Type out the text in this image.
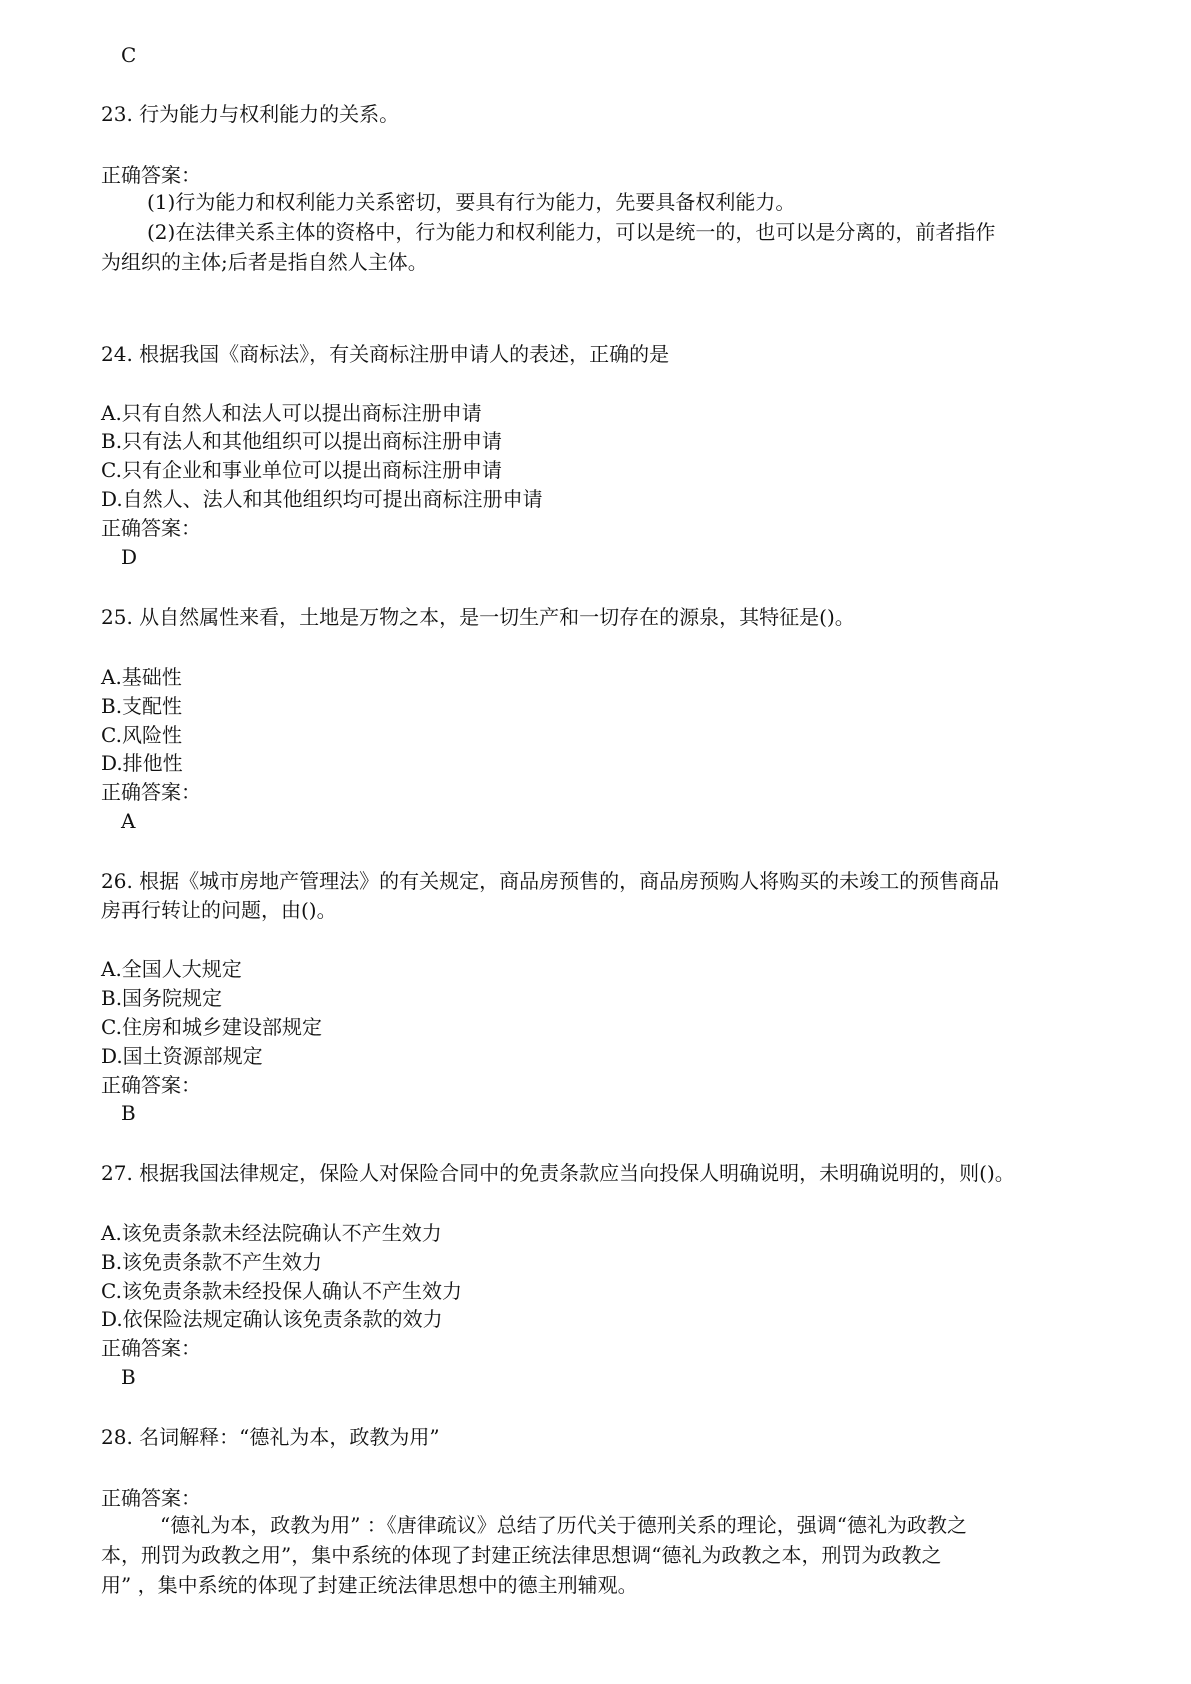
C

23. 行为能力与权利能力的关系。

正确答案：

(1)行为能力和权利能力关系密切，要具有行为能力，先要具备权利能力。

(2)在法律关系主体的资格中，行为能力和权利能力，可以是统一的，也可以是分离的，前者指作

为组织的主体;后者是指自然人主体。

24. 根据我国《商标法》，有关商标注册申请人的表述，正确的是

A.只有自然人和法人可以提出商标注册申请

B.只有法人和其他组织可以提出商标注册申请

C.只有企业和事业单位可以提出商标注册申请

D.自然人、法人和其他组织均可提出商标注册申请

正确答案：

D

25. 从自然属性来看，土地是万物之本，是一切生产和一切存在的源泉，其特征是()。

A.基础性

B.支配性

C.风险性

D.排他性

正确答案：

A

26. 根据《城市房地产管理法》的有关规定，商品房预售的，商品房预购人将购买的未竣工的预售商品

房再行转让的问题，由()。

A.全国人大规定

B.国务院规定

C.住房和城乡建设部规定

D.国土资源部规定

正确答案：

B

27. 根据我国法律规定，保险人对保险合同中的免责条款应当向投保人明确说明，未明确说明的，则()。

A.该免责条款未经法院确认不产生效力

B.该免责条款不产生效力

C.该免责条款未经投保人确认不产生效力

D.依保险法规定确认该免责条款的效力

正确答案：

B

28. 名词解释：“德礼为本，政教为用”

正确答案：

“德礼为本，政教为用” ：《唐律疏议》总结了历代关于德刑关系的理论，强调“德礼为政教之

本，刑罚为政教之用”，集中系统的体现了封建正统法律思想调“德礼为政教之本，刑罚为政教之

用” ，集中系统的体现了封建正统法律思想中的德主刑辅观。
